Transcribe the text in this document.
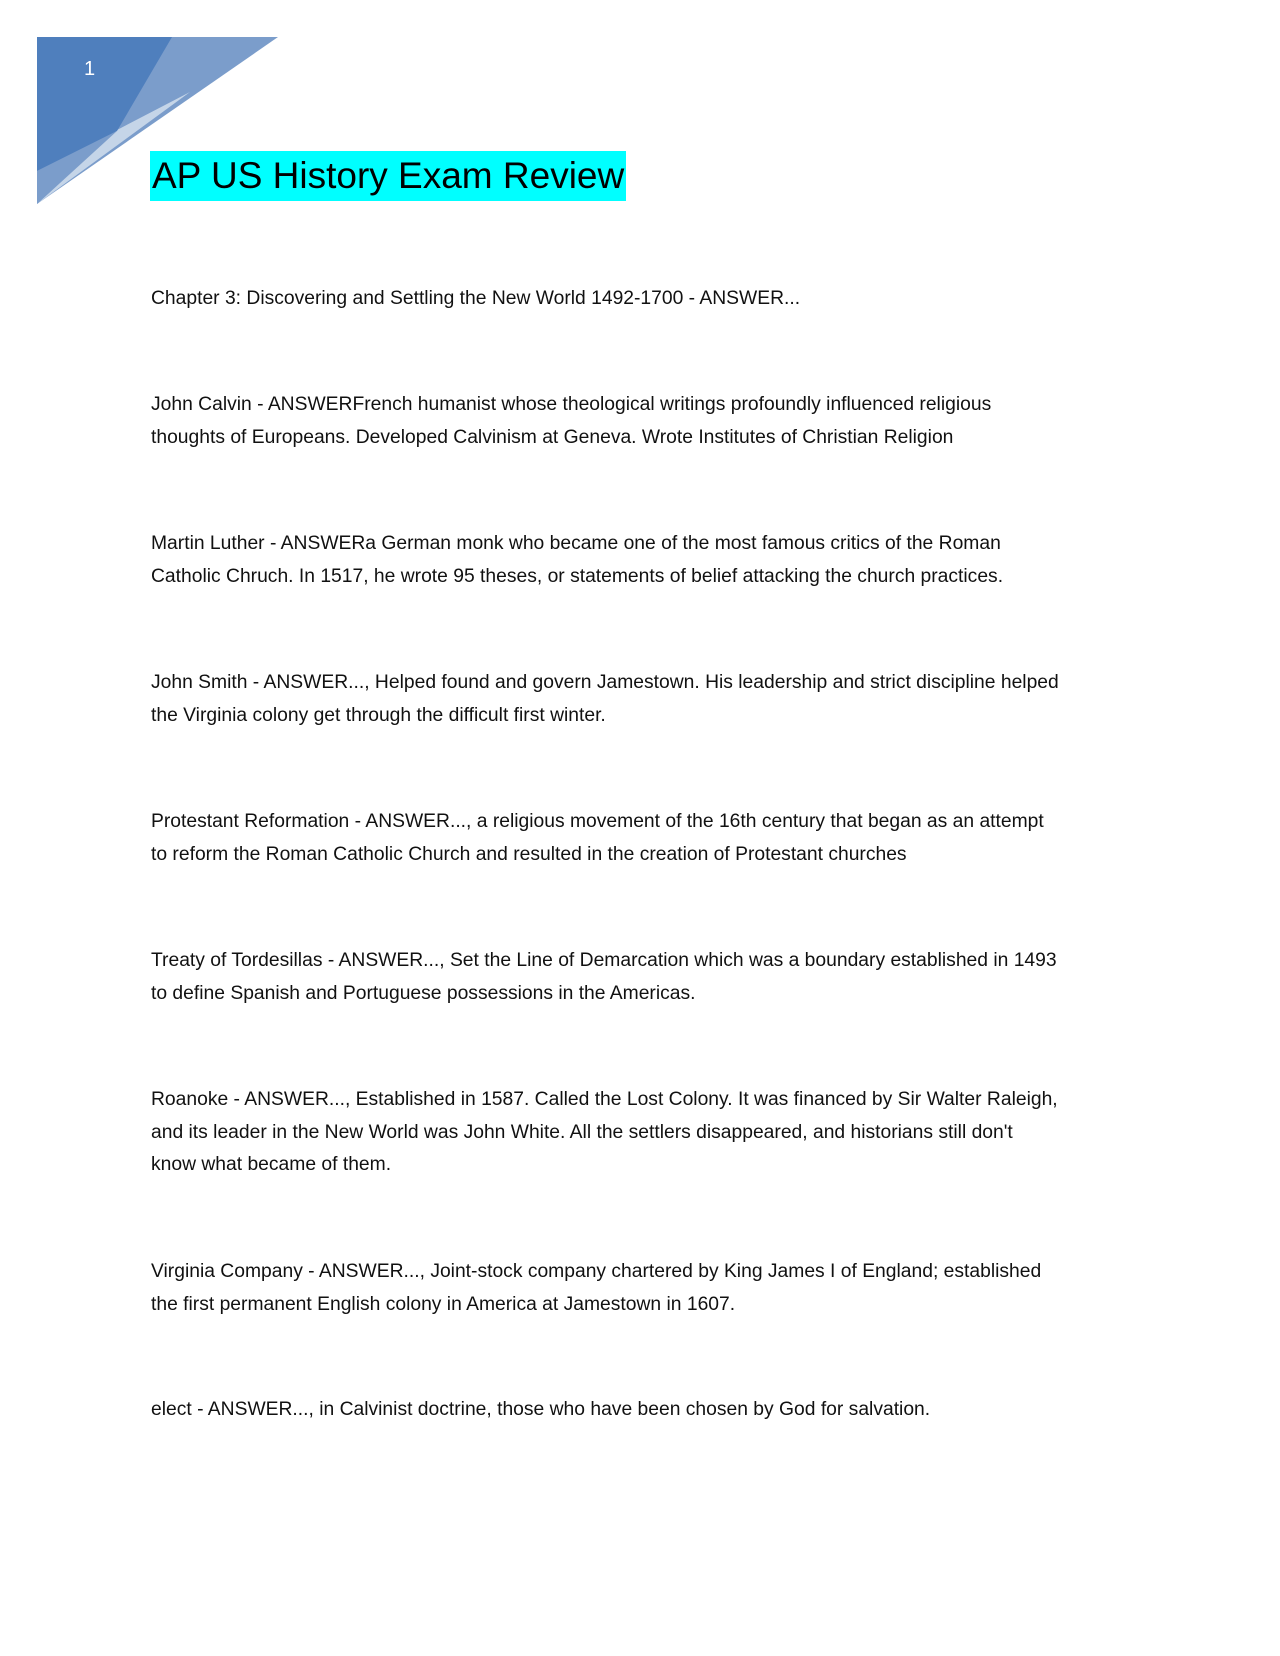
1
AP US History Exam Review
Chapter 3: Discovering and Settling the New World 1492-1700 - ANSWER...
John Calvin - ANSWERFrench humanist whose theological writings profoundly influenced religious
thoughts of Europeans. Developed Calvinism at Geneva. Wrote Institutes of Christian Religion
Martin Luther - ANSWERa German monk who became one of the most famous critics of the Roman
Catholic Chruch. In 1517, he wrote 95 theses, or statements of belief attacking the church practices.
John Smith - ANSWER..., Helped found and govern Jamestown. His leadership and strict discipline helped
the Virginia colony get through the difficult first winter.
Protestant Reformation - ANSWER..., a religious movement of the 16th century that began as an attempt
to reform the Roman Catholic Church and resulted in the creation of Protestant churches
Treaty of Tordesillas - ANSWER..., Set the Line of Demarcation which was a boundary established in 1493
to define Spanish and Portuguese possessions in the Americas.
Roanoke - ANSWER..., Established in 1587. Called the Lost Colony. It was financed by Sir Walter Raleigh,
and its leader in the New World was John White. All the settlers disappeared, and historians still don't
know what became of them.
Virginia Company - ANSWER..., Joint-stock company chartered by King James I of England; established
the first permanent English colony in America at Jamestown in 1607.
elect - ANSWER..., in Calvinist doctrine, those who have been chosen by God for salvation.
